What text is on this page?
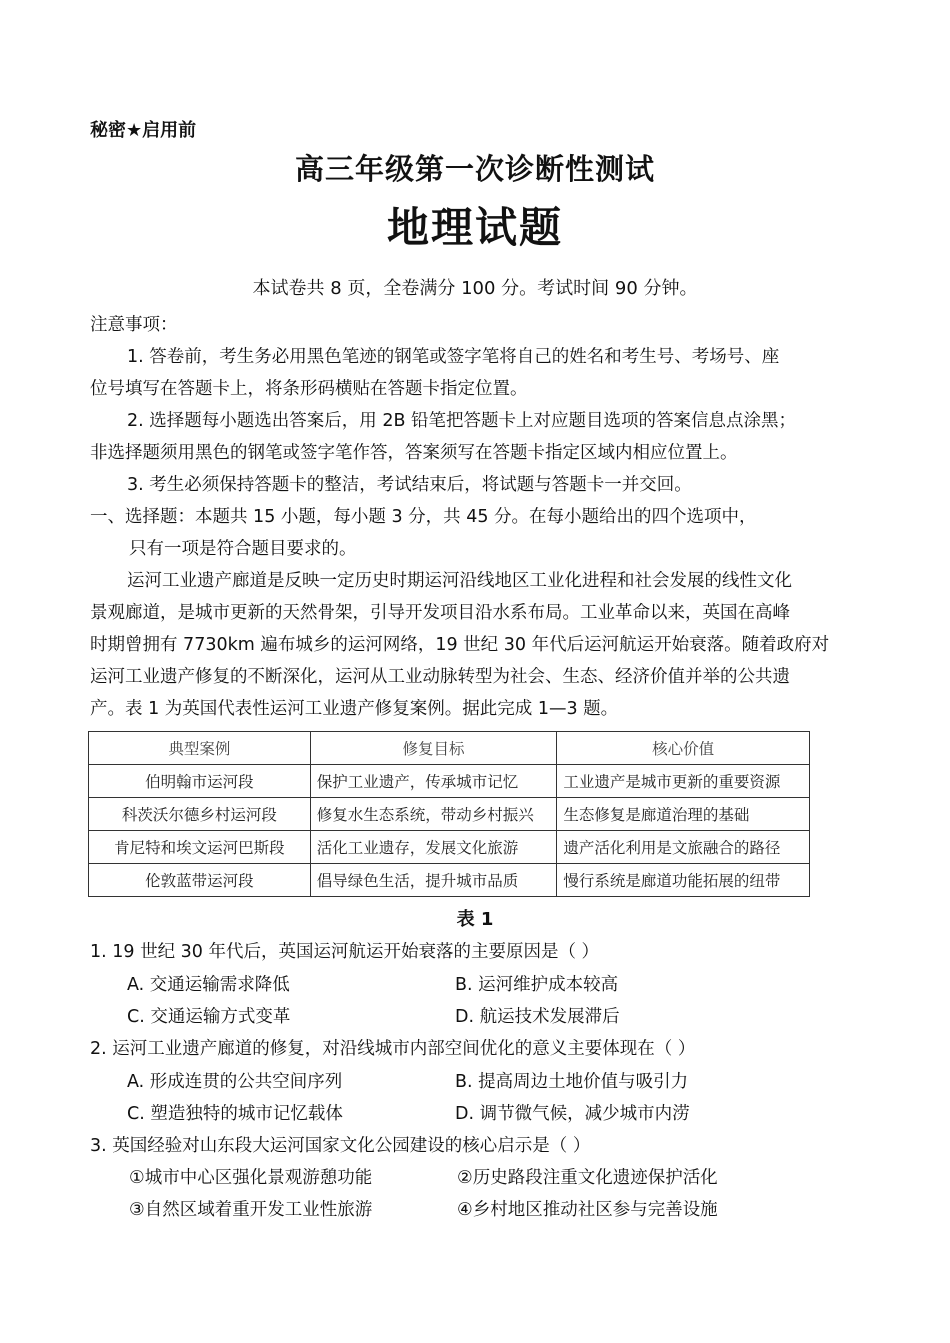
秘密★启用前
高三年级第一次诊断性测试
地理试题
本试卷共 8 页，全卷满分 100 分。考试时间 90 分钟。
注意事项：
1. 答卷前，考生务必用黑色笔迹的钢笔或签字笔将自己的姓名和考生号、考场号、座
位号填写在答题卡上，将条形码横贴在答题卡指定位置。
2. 选择题每小题选出答案后，用 2B 铅笔把答题卡上对应题目选项的答案信息点涂黑；
非选择题须用黑色的钢笔或签字笔作答，答案须写在答题卡指定区域内相应位置上。
3. 考生必须保持答题卡的整洁，考试结束后，将试题与答题卡一并交回。
一、选择题：本题共 15 小题，每小题 3 分，共 45 分。在每小题给出的四个选项中，
只有一项是符合题目要求的。
运河工业遗产廊道是反映一定历史时期运河沿线地区工业化进程和社会发展的线性文化
景观廊道，是城市更新的天然骨架，引导开发项目沿水系布局。工业革命以来，英国在高峰
时期曾拥有 7730km 遍布城乡的运河网络，19 世纪 30 年代后运河航运开始衰落。随着政府对
运河工业遗产修复的不断深化，运河从工业动脉转型为社会、生态、经济价值并举的公共遗
产。表 1 为英国代表性运河工业遗产修复案例。据此完成 1—3 题。
典型案例	修复目标	核心价值
伯明翰市运河段	保护工业遗产，传承城市记忆	工业遗产是城市更新的重要资源
科茨沃尔德乡村运河段	修复水生态系统，带动乡村振兴	生态修复是廊道治理的基础
肯尼特和埃文运河巴斯段	活化工业遗存，发展文化旅游	遗产活化利用是文旅融合的路径
伦敦蓝带运河段	倡导绿色生活，提升城市品质	慢行系统是廊道功能拓展的纽带
表 1
1. 19 世纪 30 年代后，英国运河航运开始衰落的主要原因是（ ）
A. 交通运输需求降低	B. 运河维护成本较高
C. 交通运输方式变革	D. 航运技术发展滞后
2. 运河工业遗产廊道的修复，对沿线城市内部空间优化的意义主要体现在（ ）
A. 形成连贯的公共空间序列	B. 提高周边土地价值与吸引力
C. 塑造独特的城市记忆载体	D. 调节微气候，减少城市内涝
3. 英国经验对山东段大运河国家文化公园建设的核心启示是（ ）
①城市中心区强化景观游憩功能	②历史路段注重文化遗迹保护活化
③自然区域着重开发工业性旅游	④乡村地区推动社区参与完善设施
